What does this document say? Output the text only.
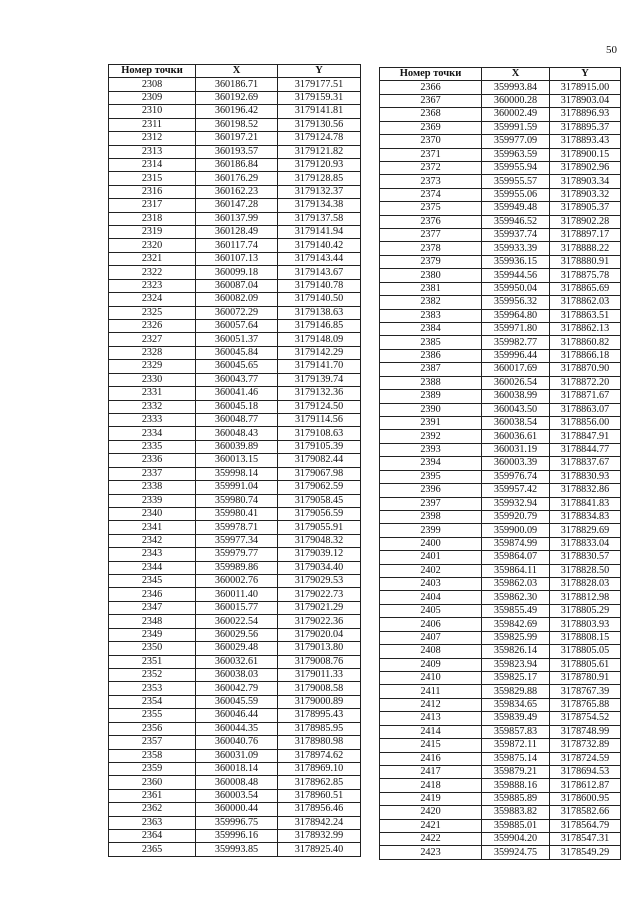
50
Номер точки	X	Y
2308	360186.71	3179177.51
2309	360192.69	3179159.31
2310	360196.42	3179141.81
2311	360198.52	3179130.56
2312	360197.21	3179124.78
2313	360193.57	3179121.82
2314	360186.84	3179120.93
2315	360176.29	3179128.85
2316	360162.23	3179132.37
2317	360147.28	3179134.38
2318	360137.99	3179137.58
2319	360128.49	3179141.94
2320	360117.74	3179140.42
2321	360107.13	3179143.44
2322	360099.18	3179143.67
2323	360087.04	3179140.78
2324	360082.09	3179140.50
2325	360072.29	3179138.63
2326	360057.64	3179146.85
2327	360051.37	3179148.09
2328	360045.84	3179142.29
2329	360045.65	3179141.70
2330	360043.77	3179139.74
2331	360041.46	3179132.36
2332	360045.18	3179124.50
2333	360048.77	3179114.56
2334	360048.43	3179108.63
2335	360039.89	3179105.39
2336	360013.15	3179082.44
2337	359998.14	3179067.98
2338	359991.04	3179062.59
2339	359980.74	3179058.45
2340	359980.41	3179056.59
2341	359978.71	3179055.91
2342	359977.34	3179048.32
2343	359979.77	3179039.12
2344	359989.86	3179034.40
2345	360002.76	3179029.53
2346	360011.40	3179022.73
2347	360015.77	3179021.29
2348	360022.54	3179022.36
2349	360029.56	3179020.04
2350	360029.48	3179013.80
2351	360032.61	3179008.76
2352	360038.03	3179011.33
2353	360042.79	3179008.58
2354	360045.59	3179000.89
2355	360046.44	3178995.43
2356	360044.35	3178985.95
2357	360040.76	3178980.98
2358	360031.09	3178974.62
2359	360018.14	3178969.10
2360	360008.48	3178962.85
2361	360003.54	3178960.51
2362	360000.44	3178956.46
2363	359996.75	3178942.24
2364	359996.16	3178932.99
2365	359993.85	3178925.40
Номер точки	X	Y
2366	359993.84	3178915.00
2367	360000.28	3178903.04
2368	360002.49	3178896.93
2369	359991.59	3178895.37
2370	359977.09	3178893.43
2371	359963.59	3178900.15
2372	359955.94	3178902.96
2373	359955.57	3178903.34
2374	359955.06	3178903.32
2375	359949.48	3178905.37
2376	359946.52	3178902.28
2377	359937.74	3178897.17
2378	359933.39	3178888.22
2379	359936.15	3178880.91
2380	359944.56	3178875.78
2381	359950.04	3178865.69
2382	359956.32	3178862.03
2383	359964.80	3178863.51
2384	359971.80	3178862.13
2385	359982.77	3178860.82
2386	359996.44	3178866.18
2387	360017.69	3178870.90
2388	360026.54	3178872.20
2389	360038.99	3178871.67
2390	360043.50	3178863.07
2391	360038.54	3178856.00
2392	360036.61	3178847.91
2393	360031.19	3178844.77
2394	360003.39	3178837.67
2395	359976.74	3178830.93
2396	359957.42	3178832.86
2397	359932.94	3178841.83
2398	359920.79	3178834.83
2399	359900.09	3178829.69
2400	359874.99	3178833.04
2401	359864.07	3178830.57
2402	359864.11	3178828.50
2403	359862.03	3178828.03
2404	359862.30	3178812.98
2405	359855.49	3178805.29
2406	359842.69	3178803.93
2407	359825.99	3178808.15
2408	359826.14	3178805.05
2409	359823.94	3178805.61
2410	359825.17	3178780.91
2411	359829.88	3178767.39
2412	359834.65	3178765.88
2413	359839.49	3178754.52
2414	359857.83	3178748.99
2415	359872.11	3178732.89
2416	359875.14	3178724.59
2417	359879.21	3178694.53
2418	359888.16	3178612.87
2419	359885.89	3178600.95
2420	359883.82	3178582.66
2421	359885.01	3178564.79
2422	359904.20	3178547.31
2423	359924.75	3178549.29
